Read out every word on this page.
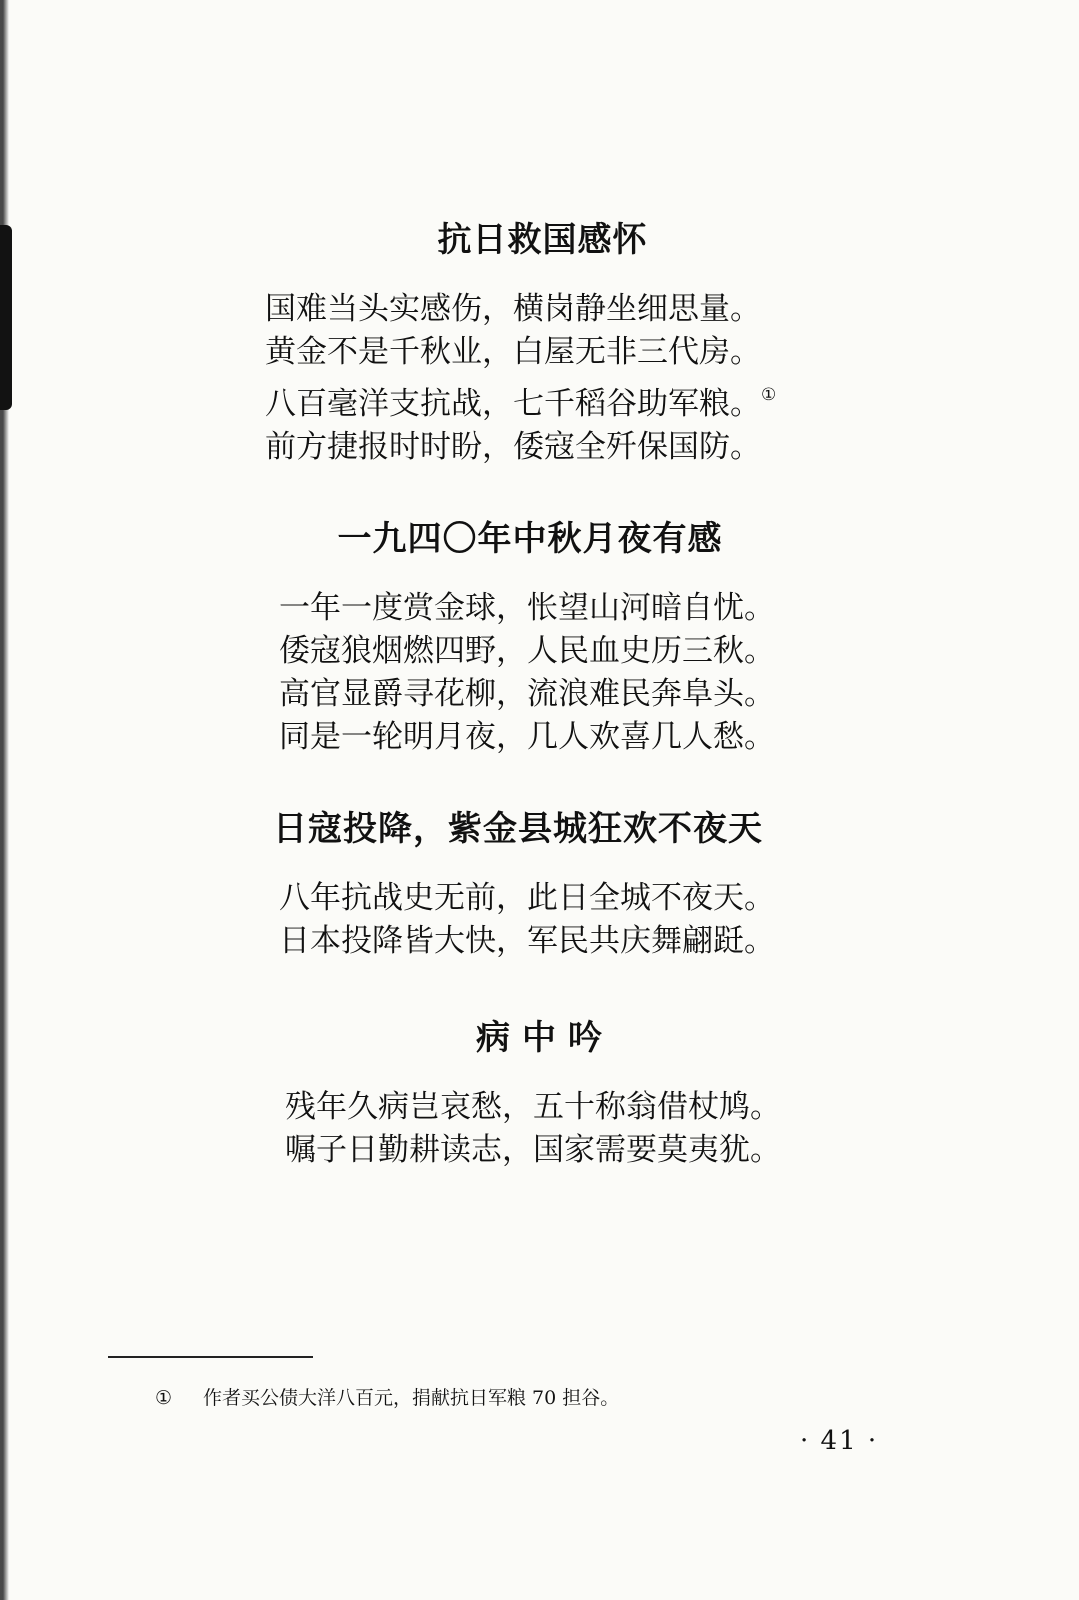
抗日救国感怀

国难当头实感伤，横岗静坐细思量。

黄金不是千秋业，白屋无非三代房。

八百毫洋支抗战，七千稻谷助军粮。①

前方捷报时时盼，倭寇全歼保国防。

一九四〇年中秋月夜有感

一年一度赏金球，怅望山河暗自忧。

倭寇狼烟燃四野，人民血史历三秋。

高官显爵寻花柳，流浪难民奔阜头。

同是一轮明月夜，几人欢喜几人愁。

日寇投降，紫金县城狂欢不夜天

八年抗战史无前，此日全城不夜天。

日本投降皆大快，军民共庆舞翩跹。

病中吟

残年久病岂哀愁，五十称翁借杖鸠。

嘱子日勤耕读志，国家需要莫夷犹。

① 作者买公债大洋八百元，捐献抗日军粮 70 担谷。
· 41 ·
